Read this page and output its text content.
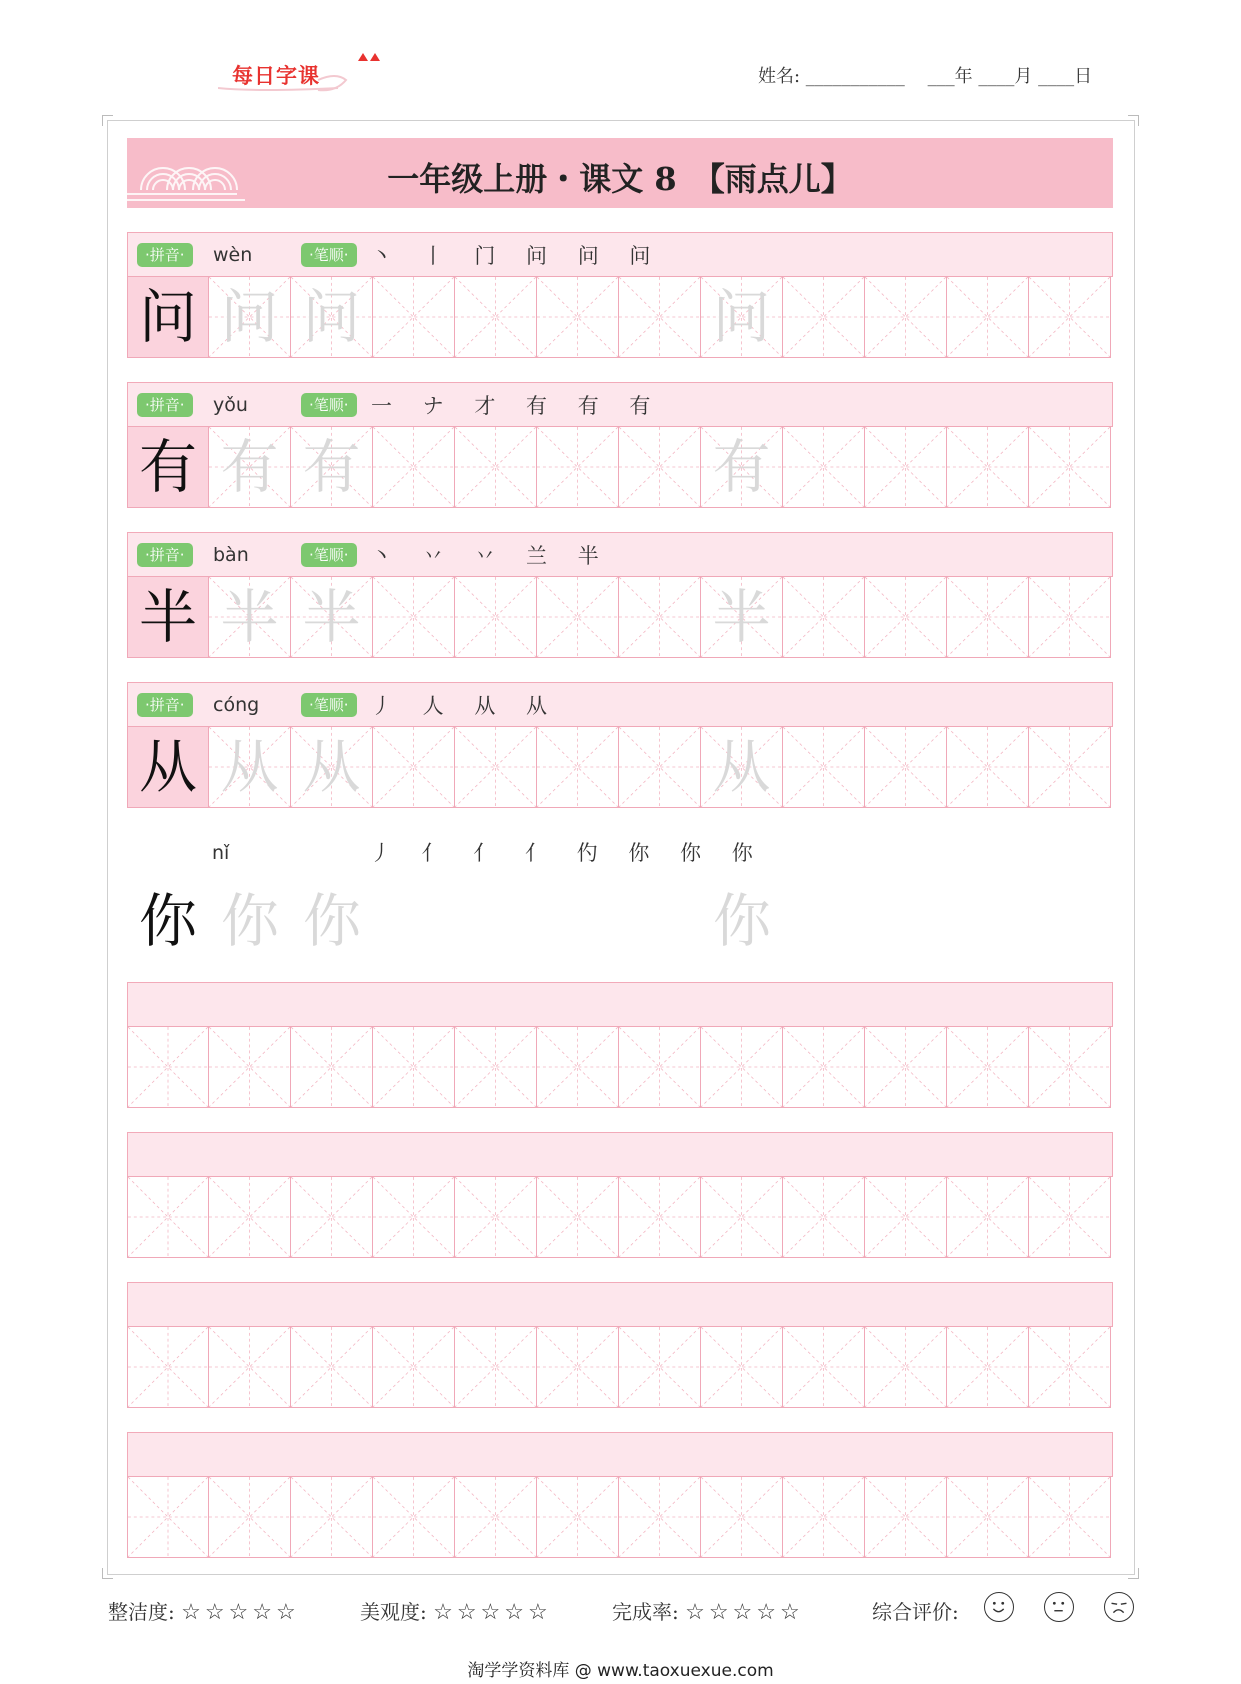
每日字课	姓名: ___________    ___年 ____月 ____日
一年级上册・课文 8　【雨点儿】
·拼音·	wèn	·笔顺·	丶 丨 门 问 问 问
问 问 问	问
·拼音·	yǒu	·笔顺·	一 ナ 才 有 有 有
有 有 有	有
·拼音·	bàn	·笔顺·	丶 丷 丷 兰 半
半 半 半	半
·拼音·	cóng	·笔顺·	丿 人 从 从
从 从 从	从
nǐ	丿 亻 亻 亻 仢 你 你 你
你 你 你	你
整洁度: ☆☆☆☆☆	美观度: ☆☆☆☆☆	完成率: ☆☆☆☆☆	综合评价:
淘学学资料库 @ www.taoxuexue.com
